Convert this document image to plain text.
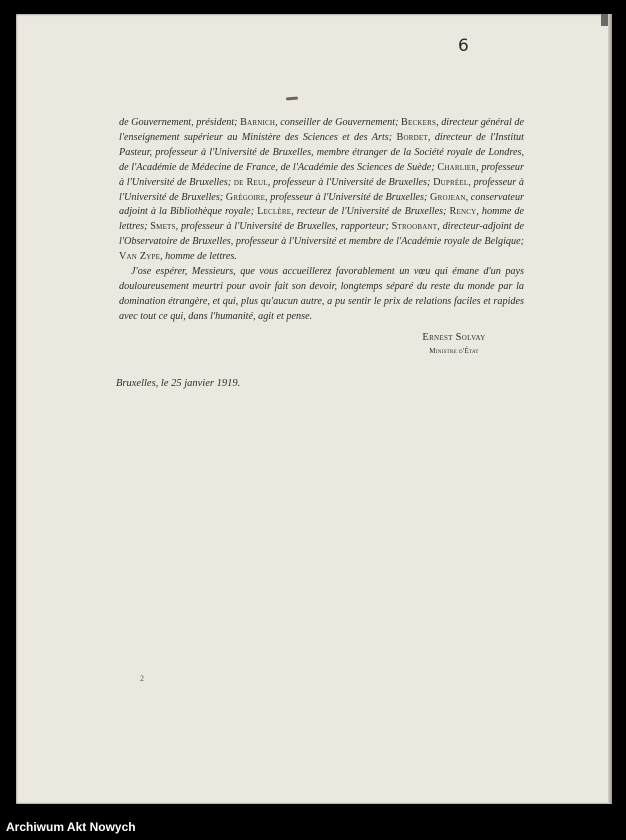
6

de Gouvernement, président; Barnich, conseiller de Gouvernement; Beckers, directeur général de l'enseignement supérieur au Ministère des Sciences et des Arts; Bordet, directeur de l'Institut Pasteur, professeur à l'Université de Bruxelles, membre étranger de la Société royale de Londres, de l'Académie de Médecine de France, de l'Académie des Sciences de Suède; Charlier, professeur à l'Université de Bruxelles; de Reul, professeur à l'Université de Bruxelles; Dupréel, professeur à l'Université de Bruxelles; Grégoire, professeur à l'Université de Bruxelles; Grojean, conservateur adjoint à la Bibliothèque royale; Leclère, recteur de l'Université de Bruxelles; Rency, homme de lettres; Smets, professeur à l'Université de Bruxelles, rapporteur; Stroobant, directeur-adjoint de l'Observatoire de Bruxelles, professeur à l'Université et membre de l'Académie royale de Belgique; Van Zype, homme de lettres.

J'ose espérer, Messieurs, que vous accueillerez favorablement un vœu qui émane d'un pays douloureusement meurtri pour avoir fait son devoir, longtemps séparé du reste du monde par la domination étrangère, et qui, plus qu'aucun autre, a pu sentir le prix de relations faciles et rapides avec tout ce qui, dans l'humanité, agit et pense.

Ernest Solvay
Ministre d'État
Bruxelles, le 25 janvier 1919.
2
Archiwum Akt Nowych
